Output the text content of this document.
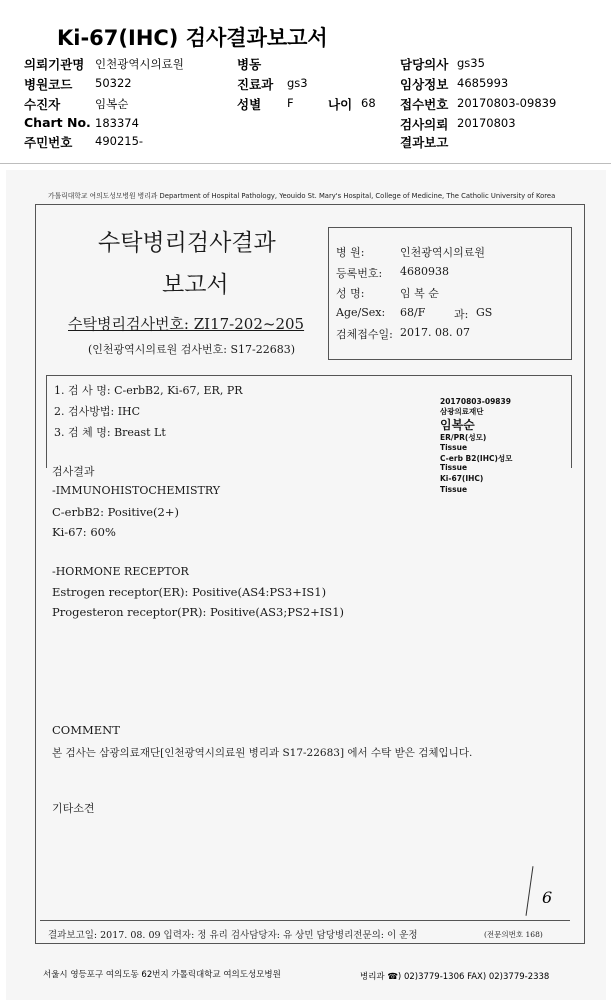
Ki-67(IHC) 검사결과보고서
의뢰기관명 인천광역시의료원	병동	담당의사 gs35
병원코드 50322	진료과 gs3	임상정보 4685993
수진자	임복순	성별 F	나이 68 접수번호 20170803-09839
Chart No. 183374	검사의뢰 20170803
주민번호 490215-	결과보고
가톨릭대학교 여의도성모병원 병리과 Department of Hospital Pathology, Yeouido St. Mary's Hospital, College of Medicine, The Catholic University of Korea
수탁병리검사결과
보고서
수탁병리검사번호: ZI17-202~205
(인천광역시의료원 검사번호: S17-22683)
병 원:	인천광역시의료원
등록번호: 4680938
성 명:	임 복 순
Age/Sex: 68/F	과: GS
검체접수일: 2017. 08. 07
1. 검 사 명: C-erbB2, Ki-67, ER, PR
2. 검사방법: IHC
3. 검 체 명: Breast Lt
20170803-09839
삼광의료재단
임복순
ER/PR(성모)
Tissue
C-erb B2(IHC)성모
Tissue
Ki-67(IHC)
Tissue
검사결과
-IMMUNOHISTOCHEMISTRY
C-erbB2: Positive(2+)
Ki-67: 60%
-HORMONE RECEPTOR
Estrogen receptor(ER): Positive(AS4:PS3+IS1)
Progesteron receptor(PR): Positive(AS3;PS2+IS1)
COMMENT
본 검사는 삼광의료재단[인천광역시의료원 병리과 S17-22683] 에서 수탁 받은 검체입니다.
기타소견
6
결과보고일: 2017. 08. 09 입력자: 정 유리 검사담당자: 유 상민 담당병리전문의: 이 운정	(전문의번호 168)
서울시 영등포구 여의도동 62번지 가톨릭대학교 여의도성모병원	병리과 ☎) 02)3779-1306 FAX) 02)3779-2338
